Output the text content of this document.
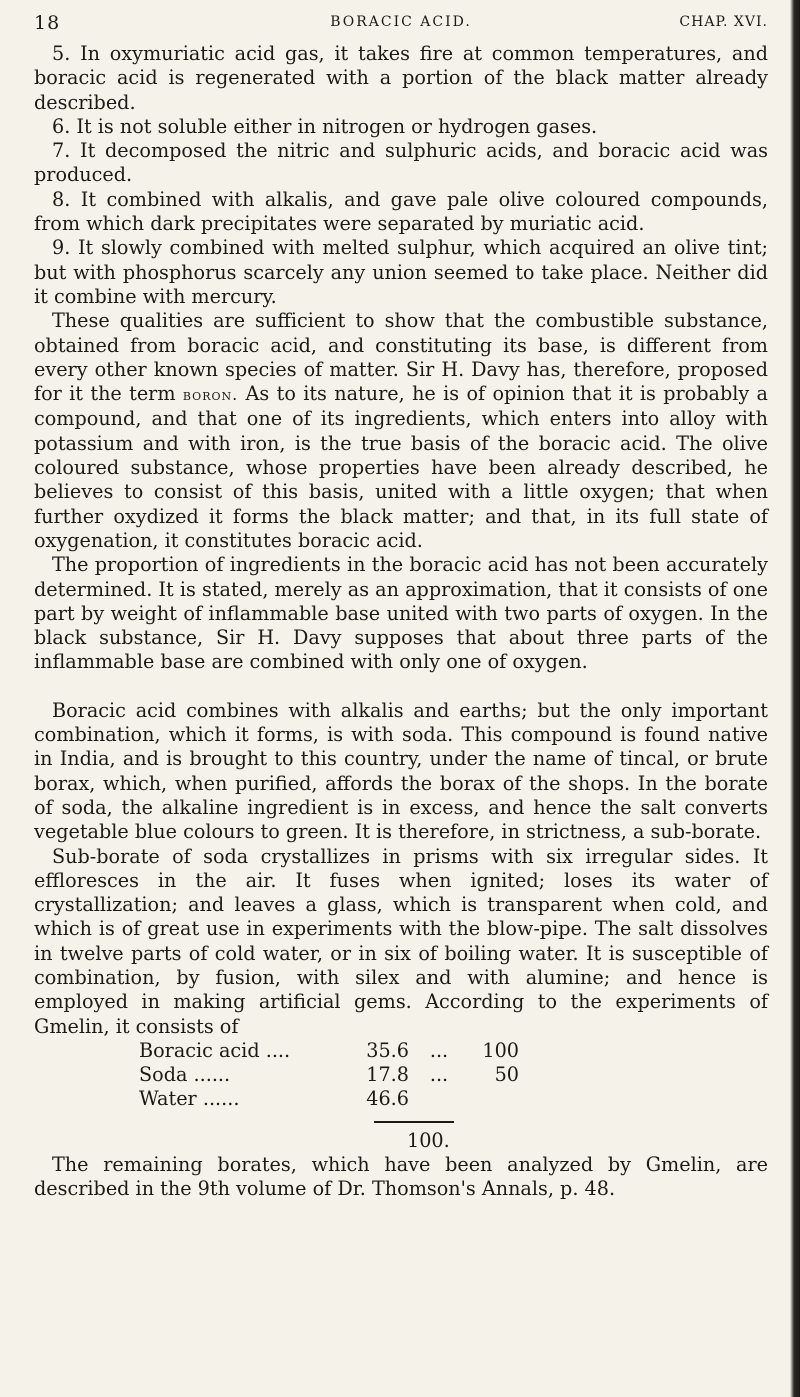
18	BORACIC ACID.	CHAP. XVI.

5. In oxymuriatic acid gas, it takes fire at common temperatures, and boracic acid is regenerated with a portion of the black matter already described.

6. It is not soluble either in nitrogen or hydrogen gases.

7. It decomposed the nitric and sulphuric acids, and boracic acid was produced.

8. It combined with alkalis, and gave pale olive coloured compounds, from which dark precipitates were separated by muriatic acid.

9. It slowly combined with melted sulphur, which acquired an olive tint; but with phosphorus scarcely any union seemed to take place. Neither did it combine with mercury.

These qualities are sufficient to show that the combustible substance, obtained from boracic acid, and constituting its base, is different from every other known species of matter. Sir H. Davy has, therefore, proposed for it the term boron. As to its nature, he is of opinion that it is probably a compound, and that one of its ingredients, which enters into alloy with potassium and with iron, is the true basis of the boracic acid. The olive coloured substance, whose properties have been already described, he believes to consist of this basis, united with a little oxygen; that when further oxydized it forms the black matter; and that, in its full state of oxygenation, it constitutes boracic acid.

The proportion of ingredients in the boracic acid has not been accurately determined. It is stated, merely as an approximation, that it consists of one part by weight of inflammable base united with two parts of oxygen. In the black substance, Sir H. Davy supposes that about three parts of the inflammable base are combined with only one of oxygen.

Boracic acid combines with alkalis and earths; but the only important combination, which it forms, is with soda. This compound is found native in India, and is brought to this country, under the name of tincal, or brute borax, which, when purified, affords the borax of the shops. In the borate of soda, the alkaline ingredient is in excess, and hence the salt converts vegetable blue colours to green. It is therefore, in strictness, a sub-borate.

Sub-borate of soda crystallizes in prisms with six irregular sides. It effloresces in the air. It fuses when ignited; loses its water of crystallization; and leaves a glass, which is transparent when cold, and which is of great use in experiments with the blow-pipe. The salt dissolves in twelve parts of cold water, or in six of boiling water. It is susceptible of combination, by fusion, with silex and with alumine; and hence is employed in making artificial gems. According to the experiments of Gmelin, it consists of

Boracic acid ....	35.6	...	100
Soda ......	17.8	...	50
Water ......	46.6
100.

The remaining borates, which have been analyzed by Gmelin, are described in the 9th volume of Dr. Thomson's Annals, p. 48.
